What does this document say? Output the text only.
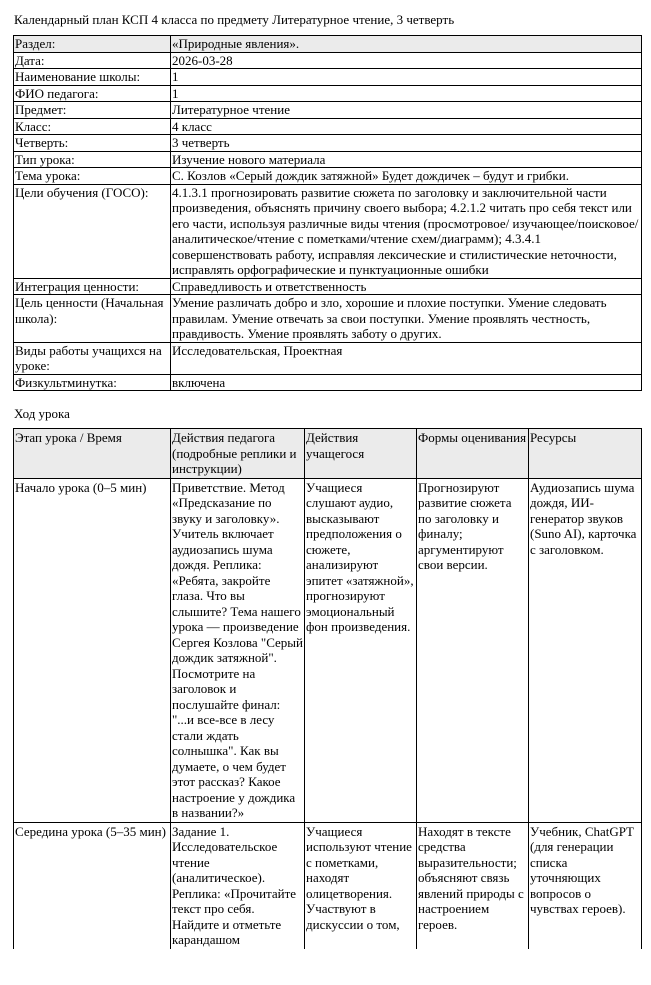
Календарный план КСП 4 класса по предмету Литературное чтение, 3 четверть
Раздел:	«Природные явления».
Дата:	2026-03-28
Наименование школы:	1
ФИО педагога:	1
Предмет:	Литературное чтение
Класс:	4 класс
Четверть:	3 четверть
Тип урока:	Изучение нового материала
Тема урока:	С. Козлов «Серый дождик затяжной» Будет дождичек – будут и грибки.
Цели обучения (ГОСО):	4.1.3.1 прогнозировать развитие сюжета по заголовку и заключительной части произведения, объяснять причину своего выбора; 4.2.1.2 читать про себя текст или его части, используя различные виды чтения (просмотровое/ изучающее/поисковое/ аналитическое/чтение с пометками/чтение схем/диаграмм); 4.3.4.1 совершенствовать работу, исправляя лексические и стилистические неточности, исправлять орфографические и пунктуационные ошибки
Интеграция ценности:	Справедливость и ответственность
Цель ценности (Начальная школа):	Умение различать добро и зло, хорошие и плохие поступки. Умение следовать правилам. Умение отвечать за свои поступки. Умение проявлять честность, правдивость. Умение проявлять заботу о других.
Виды работы учащихся на уроке:	Исследовательская, Проектная
Физкультминутка:	включена
Ход урока
Этап урока / Время	Действия педагога (подробные реплики и инструкции)	Действия учащегося	Формы оценивания	Ресурсы
Начало урока (0–5 мин)	Приветствие. Метод «Предсказание по звуку и заголовку». Учитель включает аудиозапись шума дождя. Реплика: «Ребята, закройте глаза. Что вы слышите? Тема нашего урока — произведение Сергея Козлова "Серый дождик затяжной". Посмотрите на заголовок и послушайте финал: "...и все-все в лесу стали ждать солнышка". Как вы думаете, о чем будет этот рассказ? Какое настроение у дождика в названии?»	Учащиеся слушают аудио, высказывают предположения о сюжете, анализируют эпитет «затяжной», прогнозируют эмоциональный фон произведения.	Прогнозируют развитие сюжета по заголовку и финалу; аргументируют свои версии.	Аудиозапись шума дождя, ИИ-генератор звуков (Suno AI), карточка с заголовком.
Середина урока (5–35 мин)	Задание 1. Исследовательское чтение (аналитическое). Реплика: «Прочитайте текст про себя. Найдите и отметьте карандашом	Учащиеся используют чтение с пометками, находят олицетворения. Участвуют в дискуссии о том,	Находят в тексте средства выразительности; объясняют связь явлений природы с настроением героев.	Учебник, ChatGPT (для генерации списка уточняющих вопросов о чувствах героев).
